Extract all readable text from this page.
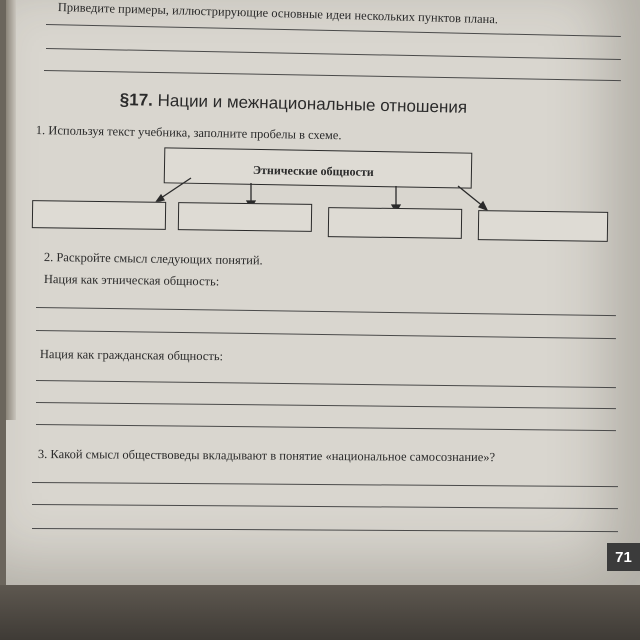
Приведите примеры, иллюстрирующие основные идеи нескольких пунктов плана.
§17. Нации и межнациональные отношения
1. Используя текст учебника, заполните пробелы в схеме.
Этнические общности
2. Раскройте смысл следующих понятий.
Нация как этническая общность:
Нация как гражданская общность:
3. Какой смысл обществоведы вкладывают в понятие «национальное самосознание»?
71
